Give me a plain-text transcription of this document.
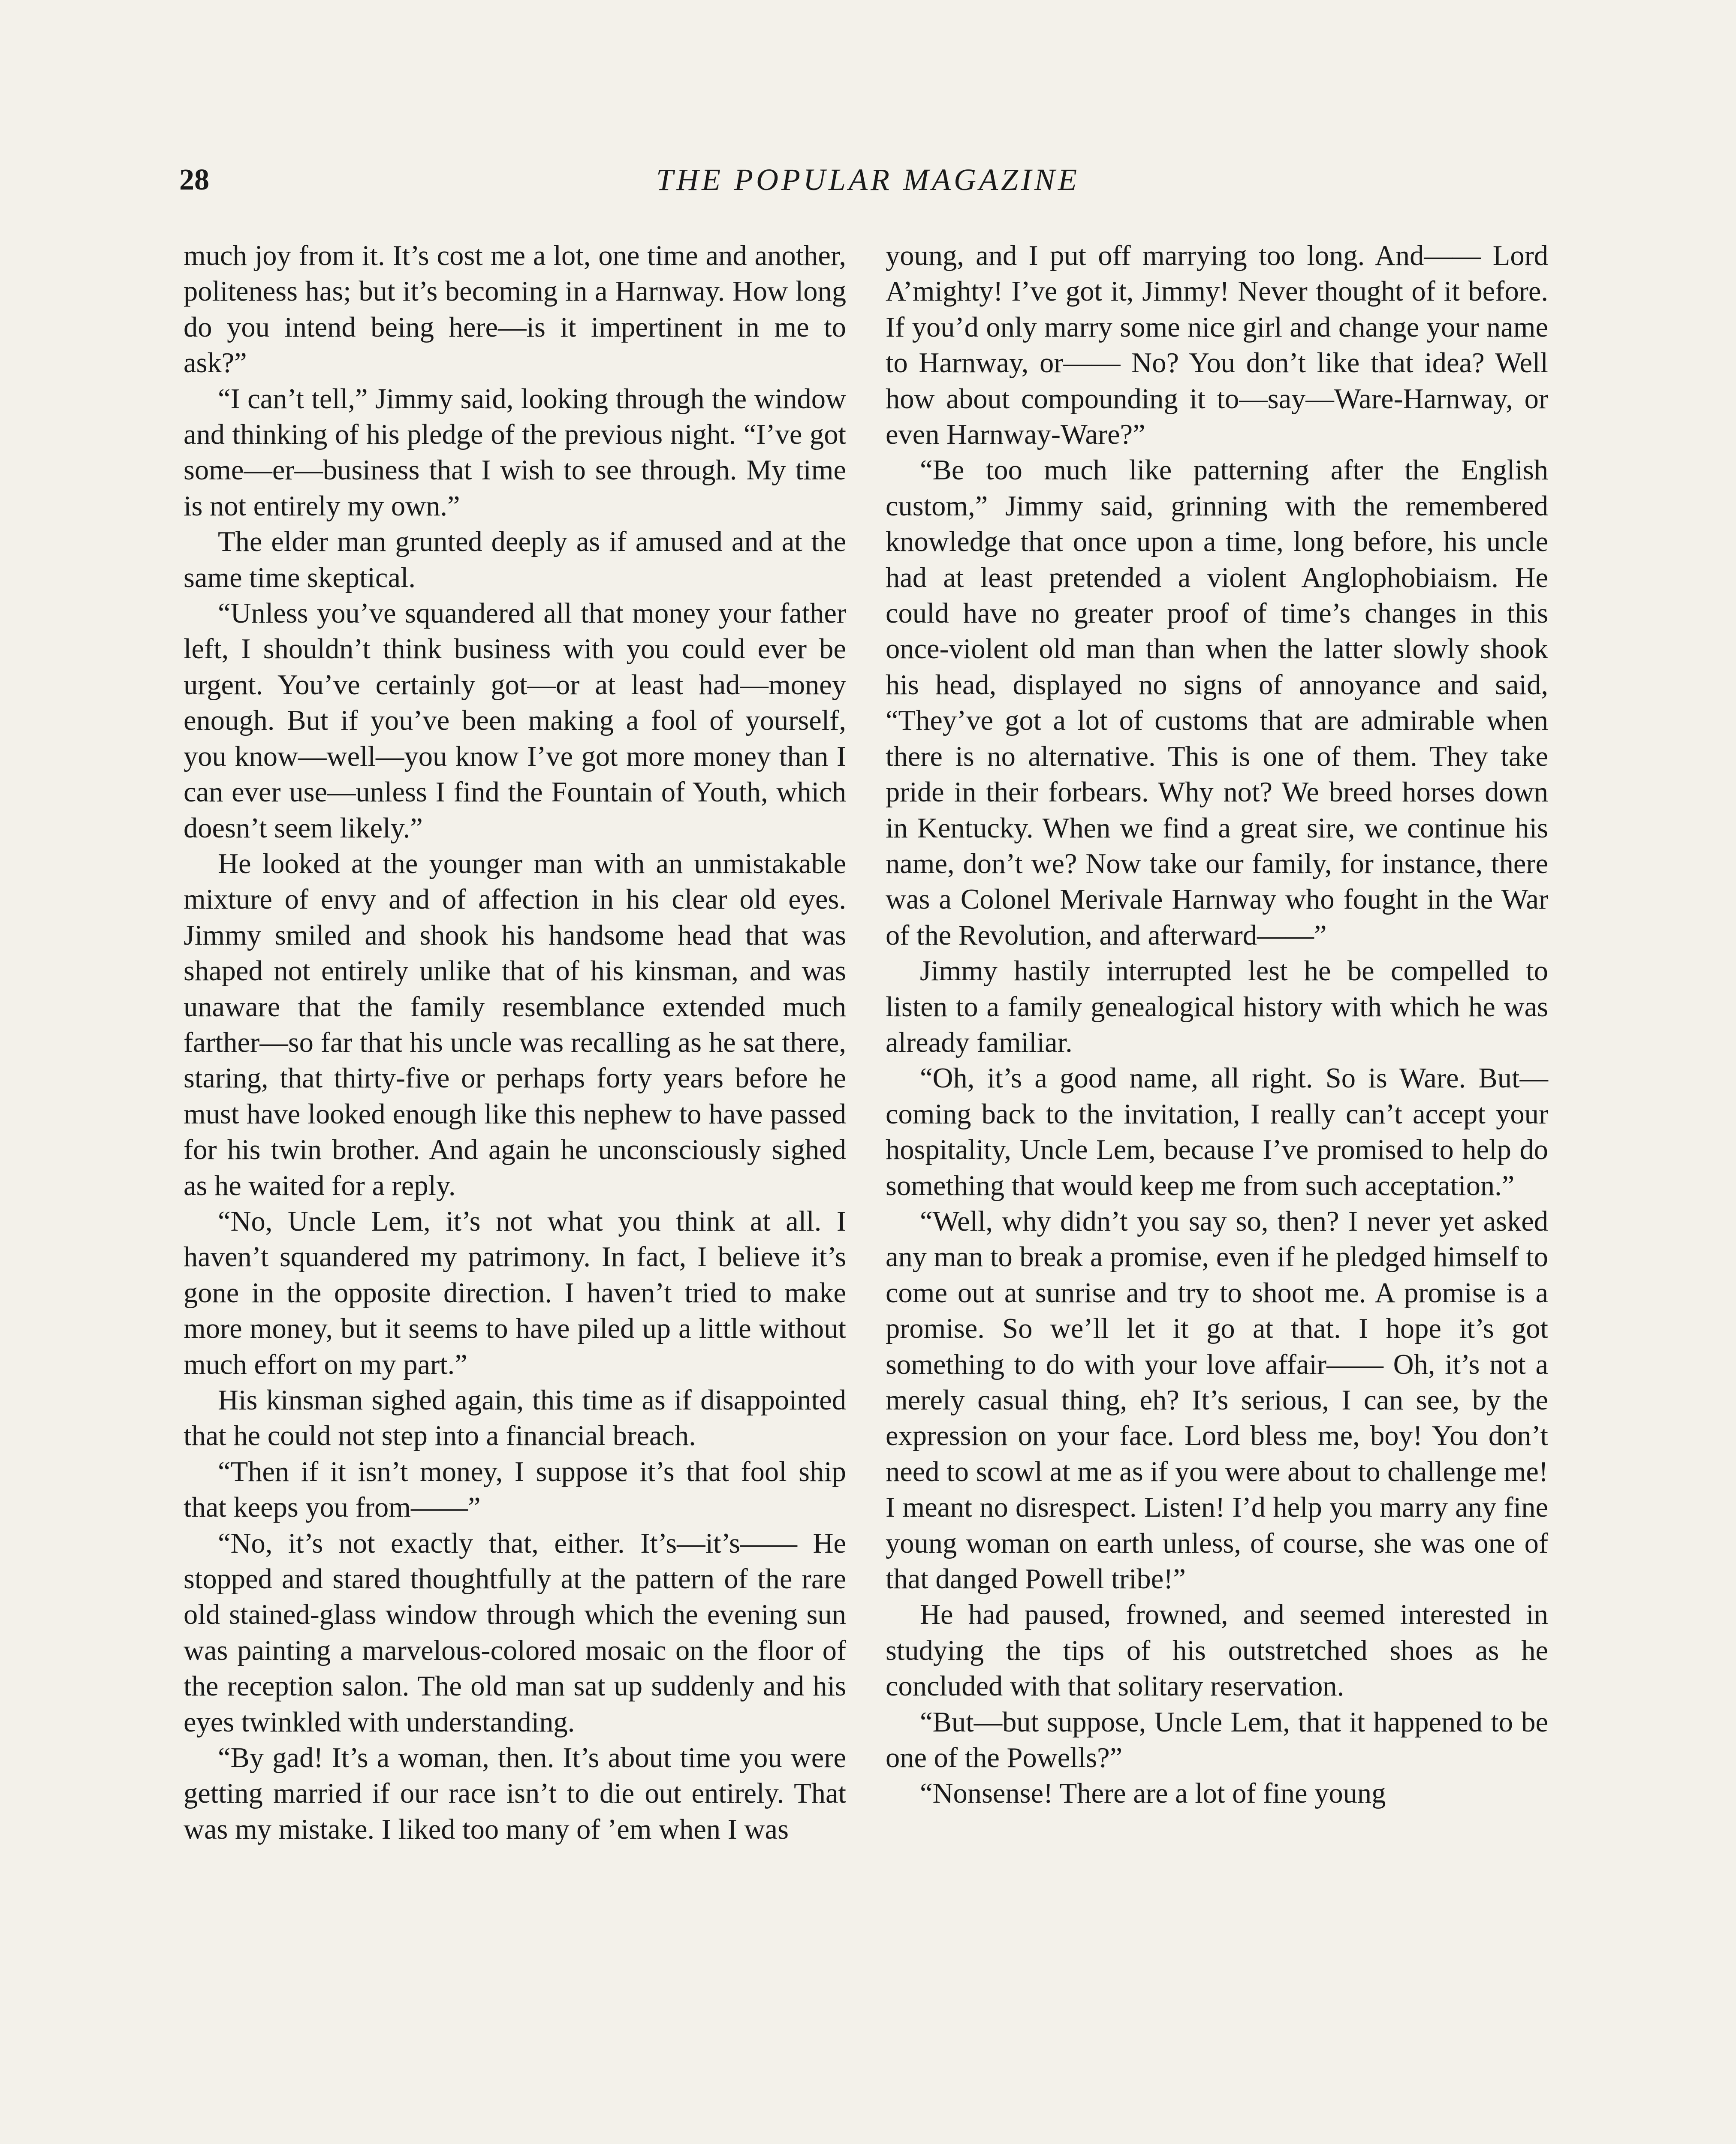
28	THE POPULAR MAGAZINE

much joy from it. It’s cost me a lot, one time and another, politeness has; but it’s becoming in a Harnway. How long do you intend being here—is it impertinent in me to ask?”

“I can’t tell,” Jimmy said, looking through the window and thinking of his pledge of the previous night. “I’ve got some—er—business that I wish to see through. My time is not entirely my own.”

The elder man grunted deeply as if amused and at the same time skeptical.

“Unless you’ve squandered all that money your father left, I shouldn’t think business with you could ever be urgent. You’ve certainly got—or at least had—money enough. But if you’ve been making a fool of yourself, you know—well—you know I’ve got more money than I can ever use—unless I find the Fountain of Youth, which doesn’t seem likely.”

He looked at the younger man with an unmistakable mixture of envy and of affection in his clear old eyes. Jimmy smiled and shook his handsome head that was shaped not entirely unlike that of his kinsman, and was unaware that the family resemblance extended much farther—so far that his uncle was recalling as he sat there, staring, that thirty-five or perhaps forty years before he must have looked enough like this nephew to have passed for his twin brother. And again he unconsciously sighed as he waited for a reply.

“No, Uncle Lem, it’s not what you think at all. I haven’t squandered my patrimony. In fact, I believe it’s gone in the opposite direction. I haven’t tried to make more money, but it seems to have piled up a little without much effort on my part.”

His kinsman sighed again, this time as if disappointed that he could not step into a financial breach.

“Then if it isn’t money, I suppose it’s that fool ship that keeps you from——”

“No, it’s not exactly that, either. It’s—it’s—— He stopped and stared thoughtfully at the pattern of the rare old stained-glass window through which the evening sun was painting a marvelous-colored mosaic on the floor of the reception salon. The old man sat up suddenly and his eyes twinkled with understanding.

“By gad! It’s a woman, then. It’s about time you were getting married if our race isn’t to die out entirely. That was my mistake. I liked too many of ’em when I was

young, and I put off marrying too long. And—— Lord A’mighty! I’ve got it, Jimmy! Never thought of it before. If you’d only marry some nice girl and change your name to Harnway, or—— No? You don’t like that idea? Well how about compounding it to—say—Ware-Harnway, or even Harnway-Ware?”

“Be too much like patterning after the English custom,” Jimmy said, grinning with the remembered knowledge that once upon a time, long before, his uncle had at least pretended a violent Anglophobiaism. He could have no greater proof of time’s changes in this once-violent old man than when the latter slowly shook his head, displayed no signs of annoyance and said, “They’ve got a lot of customs that are admirable when there is no alternative. This is one of them. They take pride in their forbears. Why not? We breed horses down in Kentucky. When we find a great sire, we continue his name, don’t we? Now take our family, for instance, there was a Colonel Merivale Harnway who fought in the War of the Revolution, and afterward——”

Jimmy hastily interrupted lest he be compelled to listen to a family genealogical history with which he was already familiar.

“Oh, it’s a good name, all right. So is Ware. But—coming back to the invitation, I really can’t accept your hospitality, Uncle Lem, because I’ve promised to help do something that would keep me from such acceptation.”

“Well, why didn’t you say so, then? I never yet asked any man to break a promise, even if he pledged himself to come out at sunrise and try to shoot me. A promise is a promise. So we’ll let it go at that. I hope it’s got something to do with your love affair—— Oh, it’s not a merely casual thing, eh? It’s serious, I can see, by the expression on your face. Lord bless me, boy! You don’t need to scowl at me as if you were about to challenge me! I meant no disrespect. Listen! I’d help you marry any fine young woman on earth unless, of course, she was one of that danged Powell tribe!”

He had paused, frowned, and seemed interested in studying the tips of his outstretched shoes as he concluded with that solitary reservation.

“But—but suppose, Uncle Lem, that it happened to be one of the Powells?”

“Nonsense! There are a lot of fine young
